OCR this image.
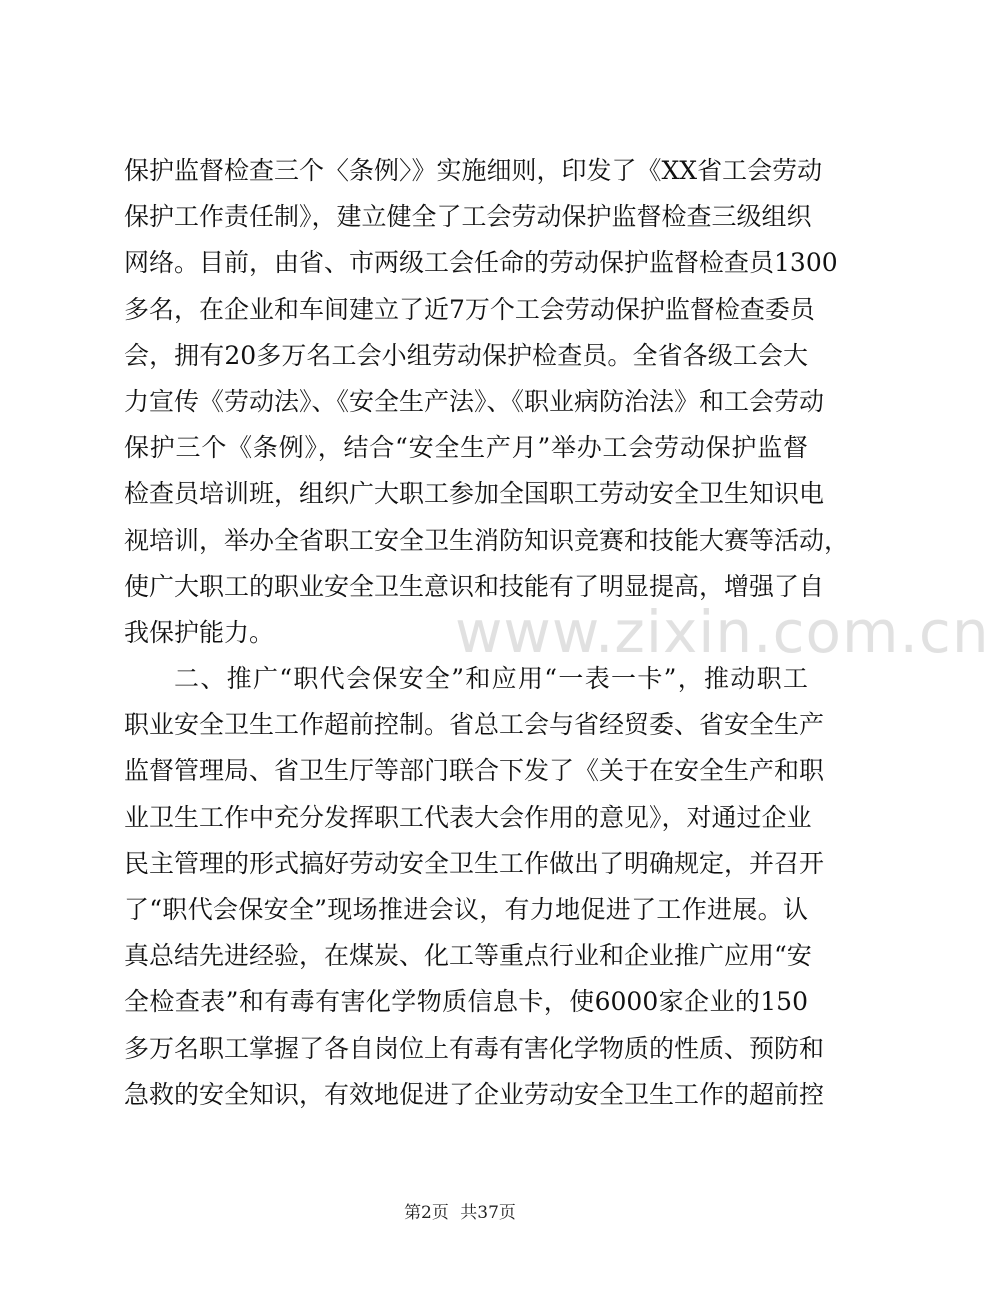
保护监督检查三个〈条例〉》实施细则，印发了《XX省工会劳动
保护工作责任制》，建立健全了工会劳动保护监督检查三级组织
网络。目前，由省、市两级工会任命的劳动保护监督检查员1300
多名，在企业和车间建立了近7万个工会劳动保护监督检查委员
会，拥有20多万名工会小组劳动保护检查员。全省各级工会大
力宣传《劳动法》、《安全生产法》、《职业病防治法》和工会劳动
保护三个《条例》，结合“安全生产月”举办工会劳动保护监督
检查员培训班，组织广大职工参加全国职工劳动安全卫生知识电
视培训，举办全省职工安全卫生消防知识竞赛和技能大赛等活动，
使广大职工的职业安全卫生意识和技能有了明显提高，增强了自
我保护能力。
二、推广“职代会保安全”和应用“一表一卡”，推动职工
职业安全卫生工作超前控制。省总工会与省经贸委、省安全生产
监督管理局、省卫生厅等部门联合下发了《关于在安全生产和职
业卫生工作中充分发挥职工代表大会作用的意见》，对通过企业
民主管理的形式搞好劳动安全卫生工作做出了明确规定，并召开
了“职代会保安全”现场推进会议，有力地促进了工作进展。认
真总结先进经验，在煤炭、化工等重点行业和企业推广应用“安
全检查表”和有毒有害化学物质信息卡，使6000家企业的150
多万名职工掌握了各自岗位上有毒有害化学物质的性质、预防和
急救的安全知识，有效地促进了企业劳动安全卫生工作的超前控
www.zixin.com.cn
第2页 共37页
